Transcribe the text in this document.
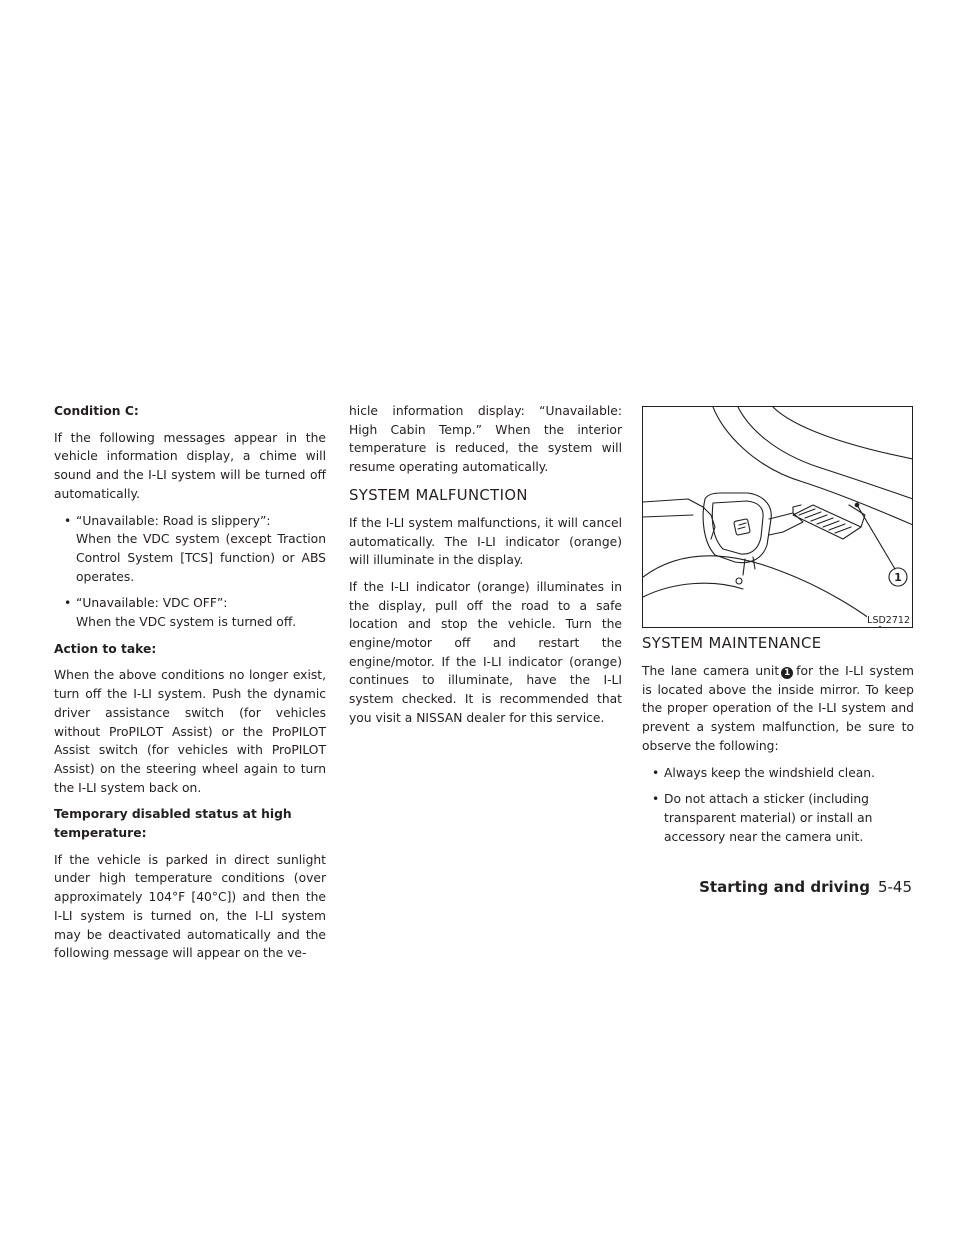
Condition C:

If the following messages appear in the vehicle information display, a chime will sound and the I-LI system will be turned off automatically.

• “Unavailable: Road is slippery”:
When the VDC system (except Traction Control System [TCS] function) or ABS operates.
• “Unavailable: VDC OFF”:
When the VDC system is turned off.

Action to take:

When the above conditions no longer exist, turn off the I-LI system. Push the dynamic driver assistance switch (for vehicles without ProPILOT Assist) or the ProPILOT Assist switch (for vehicles with ProPILOT Assist) on the steering wheel again to turn the I-LI system back on.

Temporary disabled status at high temperature:

If the vehicle is parked in direct sunlight under high temperature conditions (over approximately 104°F [40°C]) and then the I-LI system is turned on, the I-LI system may be deactivated automatically and the following message will appear on the ve-

hicle information display: “Unavailable: High Cabin Temp.” When the interior temperature is reduced, the system will resume operating automatically.

SYSTEM MALFUNCTION

If the I-LI system malfunctions, it will cancel automatically. The I-LI indicator (orange) will illuminate in the display.

If the I-LI indicator (orange) illuminates in the display, pull off the road to a safe location and stop the vehicle. Turn the engine/motor off and restart the engine/motor. If the I-LI indicator (orange) continues to illuminate, have the I-LI system checked. It is recommended that you visit a NISSAN dealer for this service.

1
LSD2712
SYSTEM MAINTENANCE

The lane camera unit 1 for the I-LI system is located above the inside mirror. To keep the proper operation of the I-LI system and prevent a system malfunction, be sure to observe the following:

• Always keep the windshield clean.
• Do not attach a sticker (including transparent material) or install an accessory near the camera unit.
Starting and driving 5-45
